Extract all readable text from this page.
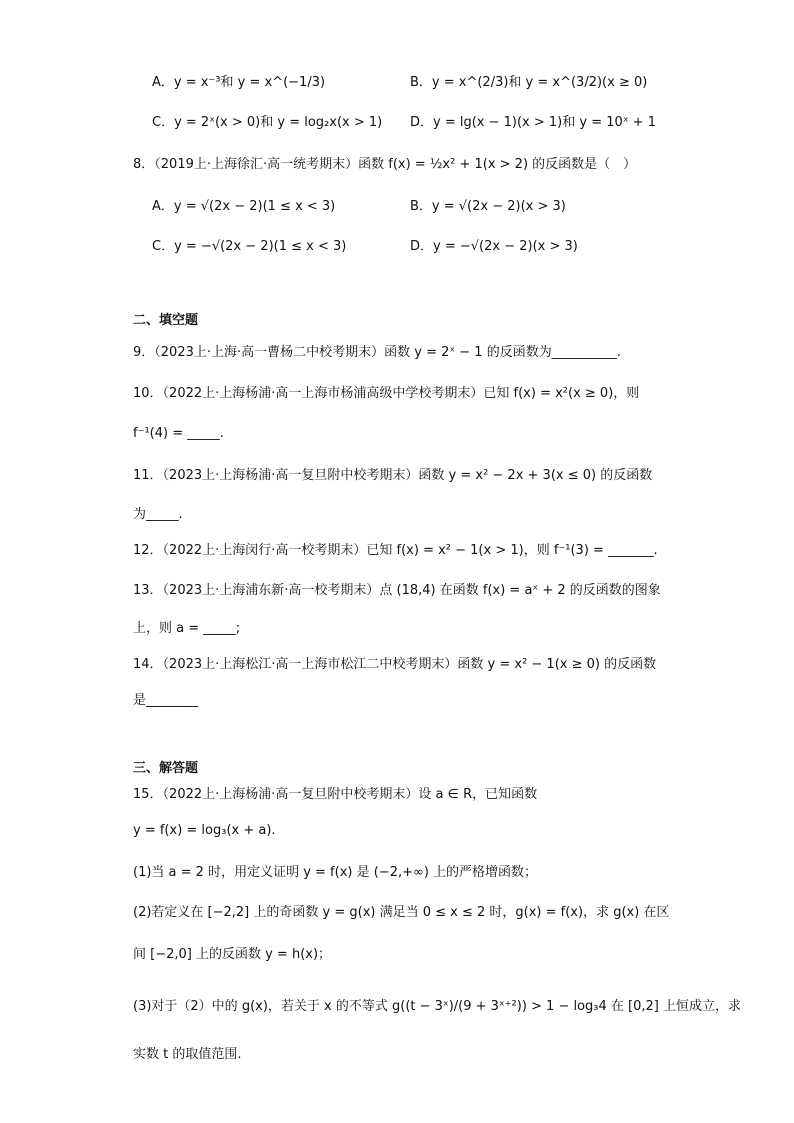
A．y = x⁻³和 y = x^(−1/3)	B．y = x^(2/3)和 y = x^(3/2)(x ≥ 0)
C．y = 2ˣ(x > 0)和 y = log₂x(x > 1) D．y = lg(x − 1)(x > 1)和 y = 10ˣ + 1
8．（2019上·上海徐汇·高一统考期末）函数 f(x) = ½x² + 1(x > 2) 的反函数是（　）
A．y = √(2x − 2)(1 ≤ x < 3)	B．y = √(2x − 2)(x > 3)
C．y = −√(2x − 2)(1 ≤ x < 3)	D．y = −√(2x − 2)(x > 3)
二、填空题
9．（2023上·上海·高一曹杨二中校考期末）函数 y = 2ˣ − 1 的反函数为__________.
10．（2022上·上海杨浦·高一上海市杨浦高级中学校考期末）已知 f(x) = x²(x ≥ 0)，则
f⁻¹(4) = _____.
11．（2023上·上海杨浦·高一复旦附中校考期末）函数 y = x² − 2x + 3(x ≤ 0) 的反函数
为_____.
12．（2022上·上海闵行·高一校考期末）已知 f(x) = x² − 1(x > 1)，则 f⁻¹(3) = _______.
13．（2023上·上海浦东新·高一校考期末）点 (18,4) 在函数 f(x) = aˣ + 2 的反函数的图象
上，则 a = _____;
14．（2023上·上海松江·高一上海市松江二中校考期末）函数 y = x² − 1(x ≥ 0) 的反函数
是________
三、解答题
15．（2022上·上海杨浦·高一复旦附中校考期末）设 a ∈ R，已知函数
y = f(x) = log₃(x + a).
(1)当 a = 2 时，用定义证明 y = f(x) 是 (−2,+∞) 上的严格增函数；
(2)若定义在 [−2,2] 上的奇函数 y = g(x) 满足当 0 ≤ x ≤ 2 时，g(x) = f(x)，求 g(x) 在区
间 [−2,0] 上的反函数 y = h(x)；
(3)对于（2）中的 g(x)，若关于 x 的不等式 g((t − 3ˣ)/(9 + 3ˣ⁺²)) > 1 − log₃4 在 [0,2] 上恒成立，求
实数 t 的取值范围.
